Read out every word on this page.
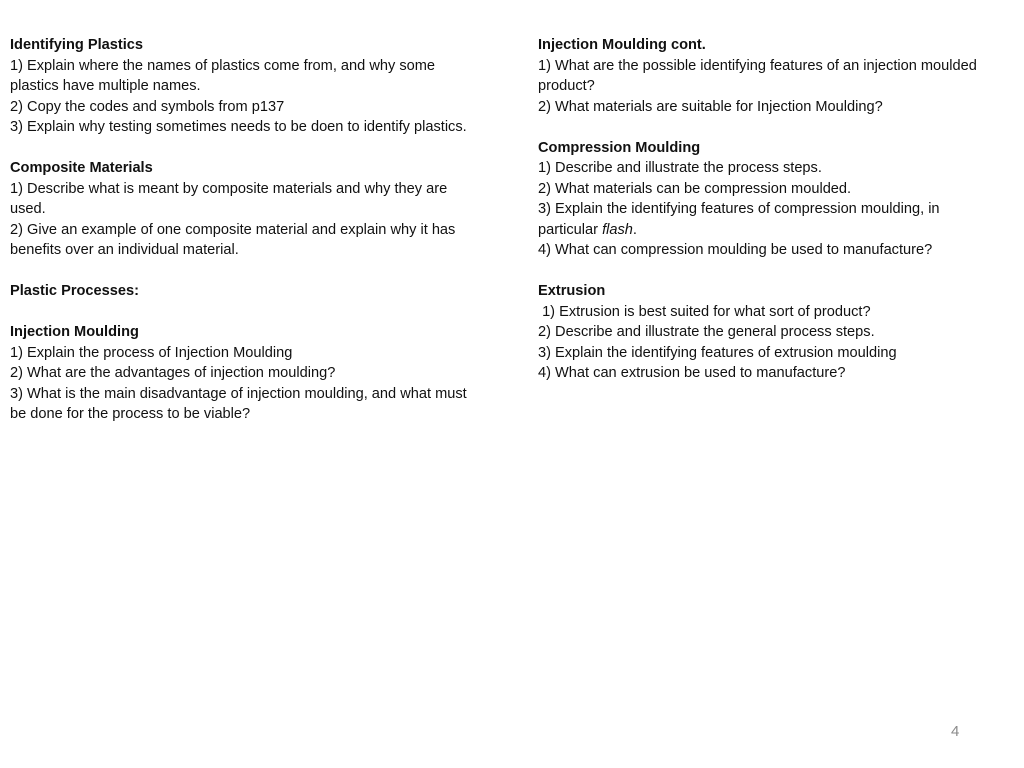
Identifying Plastics

1) Explain where the names of plastics come from, and why some plastics have multiple names.

2) Copy the codes and symbols from p137

3) Explain why testing sometimes needs to be doen to identify plastics.

Composite Materials

1) Describe what is meant by composite materials and why they are used.

2) Give an example of one composite material and explain why it has benefits over an individual material.

Plastic Processes:

Injection Moulding

1) Explain the process of Injection Moulding

2) What are the advantages of injection moulding?

3) What is the main disadvantage of injection moulding, and what must be done for the process to be viable?

Injection Moulding cont.

1) What are the possible identifying features of an injection moulded product?

2) What materials are suitable for Injection Moulding?

Compression Moulding

1) Describe and illustrate the process steps.

2) What materials can be compression moulded.

3) Explain the identifying features of compression moulding, in particular flash.

4) What can compression moulding be used to manufacture?

Extrusion

1) Extrusion is best suited for what sort of product?

2) Describe and illustrate the general process steps.

3) Explain the identifying features of extrusion moulding

4) What can extrusion be used to manufacture?

4
